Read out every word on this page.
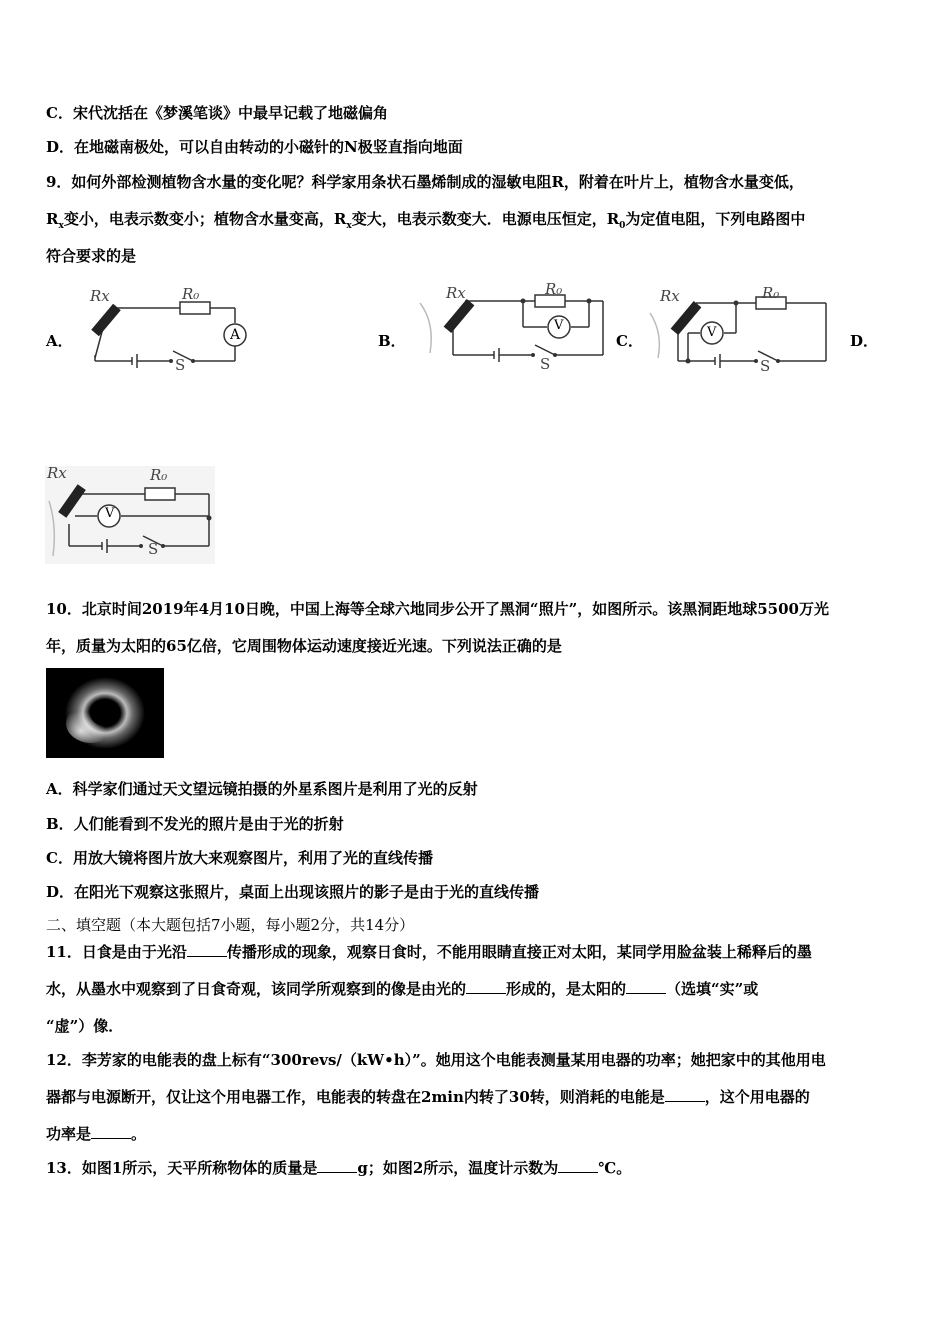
C．宋代沈括在《梦溪笔谈》中最早记载了地磁偏角
D．在地磁南极处，可以自由转动的小磁针的N极竖直指向地面
9．如何外部检测植物含水量的变化呢？科学家用条状石墨烯制成的湿敏电阻R，附着在叶片上，植物含水量变低，
$R_x$变小，电表示数变小；植物含水量变高，$R_x$变大，电表示数变大．电源电压恒定，$R_0$为定值电阻，下列电路图中
符合要求的是
A．	B．	C．	D．
Rx	R₀
A
S
Rx	R₀
V
S
Rx	R₀
V
S
Rx	R₀
V
S
10．北京时间2019年4月10日晚，中国上海等全球六地同步公开了黑洞“照片”，如图所示。该黑洞距地球5500万光
年，质量为太阳的65亿倍，它周围物体运动速度接近光速。下列说法正确的是
A．科学家们通过天文望远镜拍摄的外星系图片是利用了光的反射
B．人们能看到不发光的照片是由于光的折射
C．用放大镜将图片放大来观察图片，利用了光的直线传播
D．在阳光下观察这张照片，桌面上出现该照片的影子是由于光的直线传播
二、填空题（本大题包括7小题，每小题2分，共14分）
11．日食是由于光沿	传播形成的现象，观察日食时，不能用眼睛直接正对太阳，某同学用脸盆装上稀释后的墨
水，从墨水中观察到了日食奇观，该同学所观察到的像是由光的	形成的，是太阳的	（选填“实”或
“虚”）像．
12．李芳家的电能表的盘上标有“300revs/（kW•h）”。她用这个电能表测量某用电器的功率；她把家中的其他用电
器都与电源断开，仅让这个用电器工作，电能表的转盘在2min内转了30转，则消耗的电能是	，这个用电器的
功率是	。
13．如图1所示，天平所称物体的质量是	g；如图2所示，温度计示数为	℃。
